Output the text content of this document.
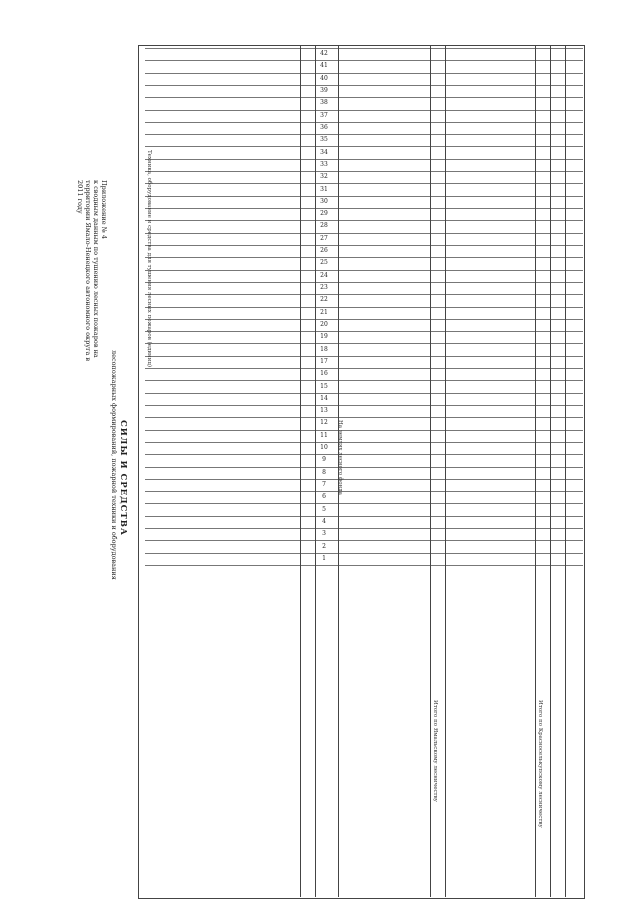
Приложение № 4
к сводным данным по тушению лесных пожаров на
территории Ямало-Ненецкого автономного округа в
2011 году
СИЛЫ И СРЕДСТВА
лесопожарных формирований, пожарной техники и оборудования
Техника, оборудование и средства для тушения лесных пожаров (единиц)
На землях лесного фонда
Итого по Ямальскому лесничеству	Итого по Красноселькупскому лесничеству
1
2
3
4
5
6
7
8
9
10
11
12
13
14
15
16
17
18
19
20
21
22
23
24
25
26
27
28
29
30
31
32
33
34
35
36
37
38
39
40
41
42
